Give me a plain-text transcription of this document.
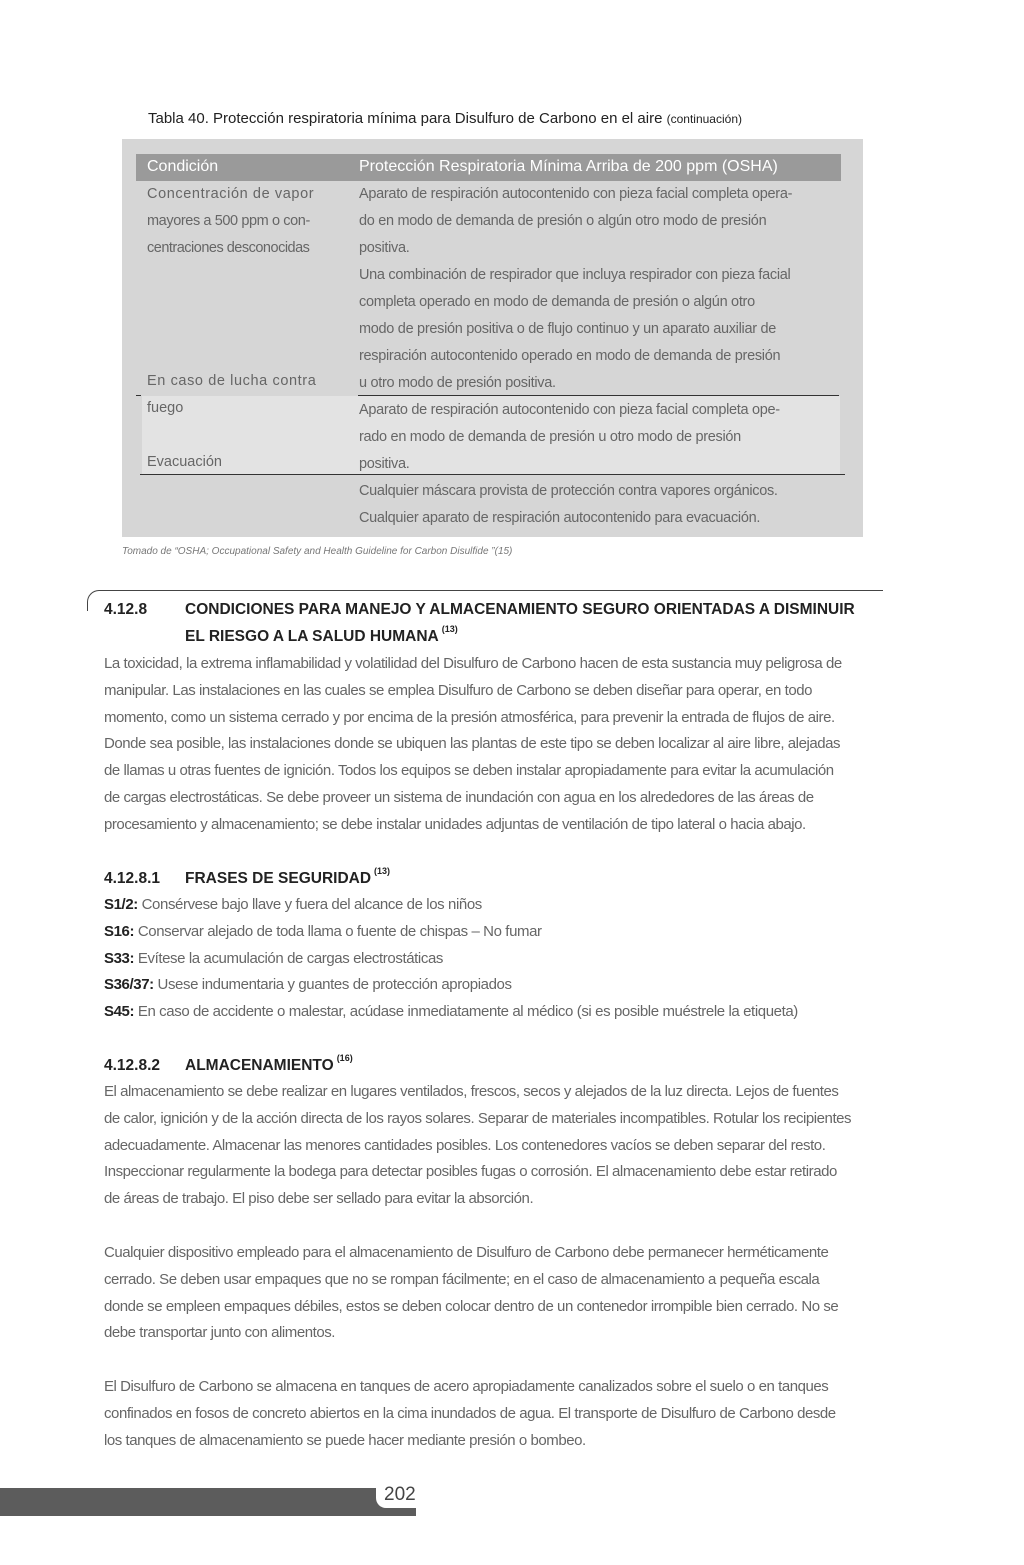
Tabla 40. Protección respiratoria mínima para Disulfuro de Carbono en el aire (continuación)
Condición	Protección Respiratoria Mínima Arriba de 200 ppm (OSHA)
Concentración de vapor
mayores a 500 ppm o con-
centraciones desconocidas
En caso de lucha contra
fuego
Evacuación
Aparato de respiración autocontenido con pieza facial completa opera-
do en modo de demanda de presión o algún otro modo de presión
positiva.
Una combinación de respirador que incluya respirador con pieza facial
completa operado en modo de demanda de presión o algún otro
modo de presión positiva o de flujo continuo y un aparato auxiliar de
respiración autocontenido operado en modo de demanda de presión
u otro modo de presión positiva.
Aparato de respiración autocontenido con pieza facial completa ope-
rado en modo de demanda de presión u otro modo de presión
positiva.
Cualquier máscara provista de protección contra vapores orgánicos.
Cualquier aparato de respiración autocontenido para evacuación.
Tomado de “OSHA; Occupational Safety and Health Guideline for Carbon Disulfide ”(15)
4.12.8 CONDICIONES PARA MANEJO Y ALMACENAMIENTO SEGURO ORIENTADAS A DISMINUIR
EL RIESGO A LA SALUD HUMANA $^{(13)}$
La toxicidad, la extrema inflamabilidad y volatilidad del Disulfuro de Carbono hacen de esta sustancia muy peligrosa de
manipular. Las instalaciones en las cuales se emplea Disulfuro de Carbono se deben diseñar para operar, en todo
momento, como un sistema cerrado y por encima de la presión atmosférica, para prevenir la entrada de flujos de aire.
Donde sea posible, las instalaciones donde se ubiquen las plantas de este tipo se deben localizar al aire libre, alejadas
de llamas u otras fuentes de ignición. Todos los equipos se deben instalar apropiadamente para evitar la acumulación
de cargas electrostáticas. Se debe proveer un sistema de inundación con agua en los alrededores de las áreas de
procesamiento y almacenamiento; se debe instalar unidades adjuntas de ventilación de tipo lateral o hacia abajo.
4.12.8.1 FRASES DE SEGURIDAD $^{(13)}$
S1/2: Consérvese bajo llave y fuera del alcance de los niños
S16: Conservar alejado de toda llama o fuente de chispas – No fumar
S33: Evítese la acumulación de cargas electrostáticas
S36/37: Usese indumentaria y guantes de protección apropiados
S45: En caso de accidente o malestar, acúdase inmediatamente al médico (si es posible muéstrele la etiqueta)
4.12.8.2 ALMACENAMIENTO $^{(16)}$
El almacenamiento se debe realizar en lugares ventilados, frescos, secos y alejados de la luz directa. Lejos de fuentes
de calor, ignición y de la acción directa de los rayos solares. Separar de materiales incompatibles. Rotular los recipientes
adecuadamente. Almacenar las menores cantidades posibles. Los contenedores vacíos se deben separar del resto.
Inspeccionar regularmente la bodega para detectar posibles fugas o corrosión. El almacenamiento debe estar retirado
de áreas de trabajo. El piso debe ser sellado para evitar la absorción.
Cualquier dispositivo empleado para el almacenamiento de Disulfuro de Carbono debe permanecer herméticamente
cerrado. Se deben usar empaques que no se rompan fácilmente; en el caso de almacenamiento a pequeña escala
donde se empleen empaques débiles, estos se deben colocar dentro de un contenedor irrompible bien cerrado. No se
debe transportar junto con alimentos.
El Disulfuro de Carbono se almacena en tanques de acero apropiadamente canalizados sobre el suelo o en tanques
confinados en fosos de concreto abiertos en la cima inundados de agua. El transporte de Disulfuro de Carbono desde
los tanques de almacenamiento se puede hacer mediante presión o bombeo.
202
